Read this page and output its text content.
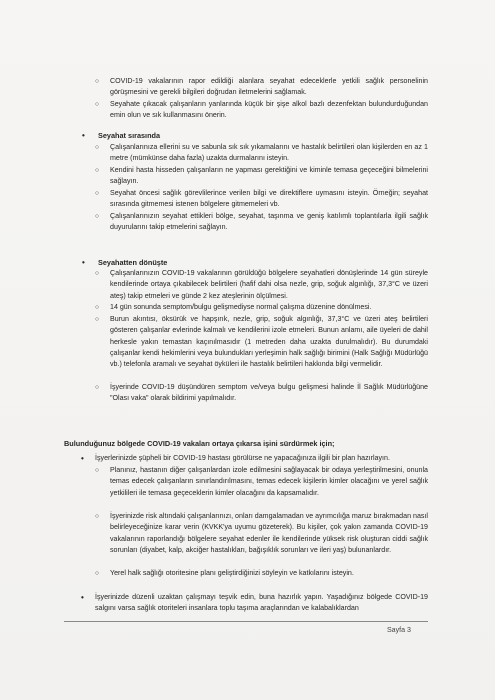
○ COVID-19 vakalarının rapor edildiği alanlara seyahat edeceklerle yetkili sağlık personelinin görüşmesini ve gerekli bilgileri doğrudan iletmelerini sağlamak.
○ Seyahate çıkacak çalışanların yanlarında küçük bir şişe alkol bazlı dezenfektan bulundurduğundan emin olun ve sık kullanmasını önerin.
• Seyahat sırasında
○ Çalışanlarınıza ellerini su ve sabunla sık sık yıkamalarını ve hastalık belirtileri olan kişilerden en az 1 metre (mümkünse daha fazla) uzakta durmalarını isteyin.
○ Kendini hasta hisseden çalışanların ne yapması gerektiğini ve kiminle temasa geçeceğini bilmelerini sağlayın.
○ Seyahat öncesi sağlık görevlilerince verilen bilgi ve direktiflere uymasını isteyin. Örneğin; seyahat sırasında gitmemesi istenen bölgelere gitmemeleri vb.
○ Çalışanlarınızın seyahat ettikleri bölge, seyahat, taşınma ve geniş katılımlı toplantılarla ilgili sağlık duyurularını takip etmelerini sağlayın.
• Seyahatten dönüşte
○ Çalışanlarınızın COVID-19 vakalarının görüldüğü bölgelere seyahatleri dönüşlerinde 14 gün süreyle kendilerinde ortaya çıkabilecek belirtileri (hafif dahi olsa nezle, grip, soğuk algınlığı, 37,3°C ve üzeri ateş) takip etmeleri ve günde 2 kez ateşlerinin ölçülmesi.
○ 14 gün sonunda semptom/bulgu gelişmediyse normal çalışma düzenine dönülmesi.
○ Burun akıntısı, öksürük ve hapşırık, nezle, grip, soğuk algınlığı, 37,3°C ve üzeri ateş belirtileri gösteren çalışanlar evlerinde kalmalı ve kendilerini izole etmeleri. Bunun anlamı, aile üyeleri de dahil herkesle yakın temastan kaçınılmasıdır (1 metreden daha uzakta durulmalıdır). Bu durumdaki çalışanlar kendi hekimlerini veya bulundukları yerleşimin halk sağlığı birimini (Halk Sağlığı Müdürlüğü vb.) telefonla aramalı ve seyahat öyküleri ile hastalık belirtileri hakkında bilgi vermelidir.
○ İşyerinde COVID-19 düşündüren semptom ve/veya bulgu gelişmesi halinde İl Sağlık Müdürlüğüne "Olası vaka" olarak bildirimi yapılmalıdır.
Bulunduğunuz bölgede COVID-19 vakaları ortaya çıkarsa işini sürdürmek için;
• İşyerlerinizde şüpheli bir COVID-19 hastası görülürse ne yapacağınıza ilgili bir plan hazırlayın.
○ Planınız, hastanın diğer çalışanlardan izole edilmesini sağlayacak bir odaya yerleştirilmesini, onunla temas edecek çalışanların sınırlandırılmasını, temas edecek kişilerin kimler olacağını ve yerel sağlık yetkilileri ile temasa geçeceklerin kimler olacağını da kapsamalıdır.
○ İşyerinizde risk altındaki çalışanlarınızı, onları damgalamadan ve ayrımcılığa maruz bırakmadan nasıl belirleyeceğinize karar verin (KVKK'ya uyumu gözeterek). Bu kişiler, çok yakın zamanda COVID-19 vakalarının raporlandığı bölgelere seyahat edenler ile kendilerinde yüksek risk oluşturan ciddi sağlık sorunları (diyabet, kalp, akciğer hastalıkları, bağışıklık sorunları ve ileri yaş) bulunanlardır.
○ Yerel halk sağlığı otoritesine planı geliştirdiğinizi söyleyin ve katkılarını isteyin.
• İşyerinizde düzenli uzaktan çalışmayı teşvik edin, buna hazırlık yapın. Yaşadığınız bölgede COVID-19 salgını varsa sağlık otoriteleri insanlara toplu taşıma araçlarından ve kalabalıklardan
Sayfa 3
